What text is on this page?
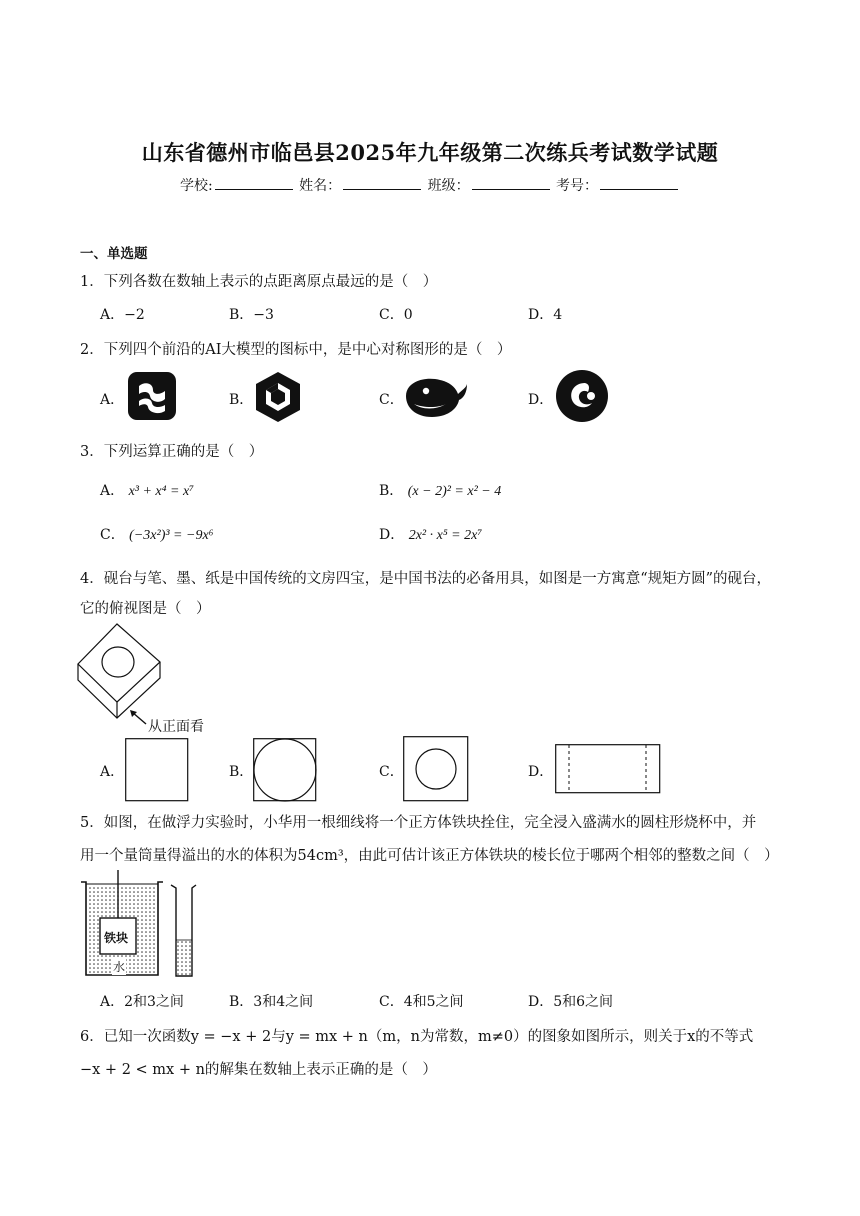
山东省德州市临邑县2025年九年级第二次练兵考试数学试题
学校:	姓名：	班级：	考号：
一、单选题
1．下列各数在数轴上表示的点距离原点最远的是（　）
A．−2	B．−3	C．0	D．4
2．下列四个前沿的AI大模型的图标中，是中心对称图形的是（　）
A．	B．	C．	D．
3．下列运算正确的是（　）
A． x³ + x⁴ = x⁷	B． (x − 2)² = x² − 4
C． (−3x²)³ = −9x⁶	D． 2x² · x⁵ = 2x⁷
4．砚台与笔、墨、纸是中国传统的文房四宝，是中国书法的必备用具，如图是一方寓意“规矩方圆”的砚台，
它的俯视图是（　）
从正面看
A．	B．	C．	D．
5．如图，在做浮力实验时，小华用一根细线将一个正方体铁块拴住，完全浸入盛满水的圆柱形烧杯中，并
用一个量筒量得溢出的水的体积为54cm³，由此可估计该正方体铁块的棱长位于哪两个相邻的整数之间（　）
铁块
水
A．2和3之间	B．3和4之间	C．4和5之间	D．5和6之间
6．已知一次函数y = −x + 2与y = mx + n（m，n为常数，m≠0）的图象如图所示，则关于x的不等式
−x + 2 < mx + n的解集在数轴上表示正确的是（　）
